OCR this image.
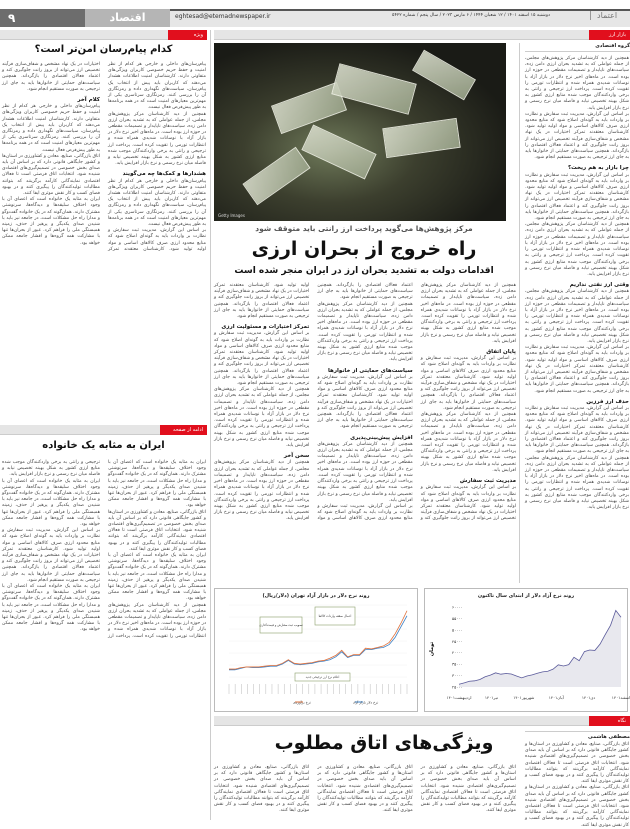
۹	اقتصاد	eghtesad@etemadnewspaper.ir	دوشنبه ۱۵ اسفند ۱۴۰۱ / ۱۲ شعبان ۱۴۴۴ / ۶ مارس ۲۰۲۳ / سال پنجم / شماره ۵۴۲۲	اعتماد
ویژه
کدام پیام‌رسان امن‌تر است؟

پیام‌رسان‌های داخلی و خارجی هر کدام از نظر امنیت و حفظ حریم خصوصی کاربران ویژگی‌های متفاوتی دارند. کارشناسان امنیت اطلاعات هشدار می‌دهند که کاربران باید پیش از انتخاب یک پیام‌رسان، سیاست‌های نگهداری داده و رمزنگاری آن را بررسی کنند. رمزنگاری سرتاسری یکی از مهم‌ترین معیارهای امنیت است که در همه برنامه‌ها به طور پیش‌فرض فعال نیست.

همچنین از دید کارشناسان مرکز پژوهش‌های مجلس، از جمله عواملی که به تشدید بحران ارزی دامن زده، سیاست‌های ناپایدار و تصمیمات مقطعی در حوزه ارز بوده است. در ماه‌های اخیر نرخ دلار در بازار آزاد با نوسانات شدیدی همراه شده و انتظارات تورمی را تقویت کرده است. پرداخت ارز ترجیحی و رانتی به برخی واردکنندگان موجب شده منابع ارزی کشور به شکل بهینه تخصیص نیابد و فاصله میان نرخ رسمی و نرخ بازار افزایش یابد.

هشدارها و کمک‌ها چه می‌گویند

پیام‌رسان‌های داخلی و خارجی هر کدام از نظر امنیت و حفظ حریم خصوصی کاربران ویژگی‌های متفاوتی دارند. کارشناسان امنیت اطلاعات هشدار می‌دهند که کاربران باید پیش از انتخاب یک پیام‌رسان، سیاست‌های نگهداری داده و رمزنگاری آن را بررسی کنند. رمزنگاری سرتاسری یکی از مهم‌ترین معیارهای امنیت است که در همه برنامه‌ها به طور پیش‌فرض فعال نیست.

بر اساس این گزارش، مدیریت ثبت سفارش و نظارت بر واردات باید به گونه‌ای اصلاح شود که منابع محدود ارزی صرف کالاهای اساسی و مواد اولیه تولید شود. کارشناسان معتقدند تمرکز اختیارات در یک نهاد مشخص و شفاف‌سازی فرآیند تخصیص ارز می‌تواند از بروز رانت جلوگیری کند و اعتماد فعالان اقتصادی را بازگرداند. همچنین سیاست‌های حمایتی از خانوارها باید به جای ارز ترجیحی به صورت مستقیم انجام شود.

کلام آخر

پیام‌رسان‌های داخلی و خارجی هر کدام از نظر امنیت و حفظ حریم خصوصی کاربران ویژگی‌های متفاوتی دارند. کارشناسان امنیت اطلاعات هشدار می‌دهند که کاربران باید پیش از انتخاب یک پیام‌رسان، سیاست‌های نگهداری داده و رمزنگاری آن را بررسی کنند. رمزنگاری سرتاسری یکی از مهم‌ترین معیارهای امنیت است که در همه برنامه‌ها به طور پیش‌فرض فعال نیست.

اتاق بازرگانی، صنایع، معادن و کشاورزی در استان‌ها و کشور جایگاهی قانونی دارد که بر اساس آن باید صدای بخش خصوصی در تصمیم‌گیری‌های اقتصادی شنیده شود. انتخابات اتاق فرصتی است تا فعالان اقتصادی نمایندگانی کارآمد برگزینند که بتوانند مطالبات تولیدکنندگان را پیگیری کنند و در بهبود فضای کسب و کار نقش موثری ایفا کنند.

ایران به مثابه یک خانواده است که اعضای آن با وجود اختلاف سلیقه‌ها و دیدگاه‌ها، سرنوشتی مشترک دارند. همان‌گونه که در یک خانواده گفت‌وگو و مدارا راه حل مشکلات است، در جامعه نیز باید با شنیدن صدای یکدیگر و پرهیز از حذف، زمینه همبستگی ملی را فراهم کرد. عبور از بحران‌ها تنها با مشارکت همه گروه‌ها و اقشار جامعه ممکن خواهد بود.

ادامه از صفحه اول
ایران به مثابه یک خانواده

ایران به مثابه یک خانواده است که اعضای آن با وجود اختلاف سلیقه‌ها و دیدگاه‌ها، سرنوشتی مشترک دارند. همان‌گونه که در یک خانواده گفت‌وگو و مدارا راه حل مشکلات است، در جامعه نیز باید با شنیدن صدای یکدیگر و پرهیز از حذف، زمینه همبستگی ملی را فراهم کرد. عبور از بحران‌ها تنها با مشارکت همه گروه‌ها و اقشار جامعه ممکن خواهد بود.

اتاق بازرگانی، صنایع، معادن و کشاورزی در استان‌ها و کشور جایگاهی قانونی دارد که بر اساس آن باید صدای بخش خصوصی در تصمیم‌گیری‌های اقتصادی شنیده شود. انتخابات اتاق فرصتی است تا فعالان اقتصادی نمایندگانی کارآمد برگزینند که بتوانند مطالبات تولیدکنندگان را پیگیری کنند و در بهبود فضای کسب و کار نقش موثری ایفا کنند.

ایران به مثابه یک خانواده است که اعضای آن با وجود اختلاف سلیقه‌ها و دیدگاه‌ها، سرنوشتی مشترک دارند. همان‌گونه که در یک خانواده گفت‌وگو و مدارا راه حل مشکلات است، در جامعه نیز باید با شنیدن صدای یکدیگر و پرهیز از حذف، زمینه همبستگی ملی را فراهم کرد. عبور از بحران‌ها تنها با مشارکت همه گروه‌ها و اقشار جامعه ممکن خواهد بود.

همچنین از دید کارشناسان مرکز پژوهش‌های مجلس، از جمله عواملی که به تشدید بحران ارزی دامن زده، سیاست‌های ناپایدار و تصمیمات مقطعی در حوزه ارز بوده است. در ماه‌های اخیر نرخ دلار در بازار آزاد با نوسانات شدیدی همراه شده و انتظارات تورمی را تقویت کرده است. پرداخت ارز ترجیحی و رانتی به برخی واردکنندگان موجب شده منابع ارزی کشور به شکل بهینه تخصیص نیابد و فاصله میان نرخ رسمی و نرخ بازار افزایش یابد.

ایران به مثابه یک خانواده است که اعضای آن با وجود اختلاف سلیقه‌ها و دیدگاه‌ها، سرنوشتی مشترک دارند. همان‌گونه که در یک خانواده گفت‌وگو و مدارا راه حل مشکلات است، در جامعه نیز باید با شنیدن صدای یکدیگر و پرهیز از حذف، زمینه همبستگی ملی را فراهم کرد. عبور از بحران‌ها تنها با مشارکت همه گروه‌ها و اقشار جامعه ممکن خواهد بود.

بر اساس این گزارش، مدیریت ثبت سفارش و نظارت بر واردات باید به گونه‌ای اصلاح شود که منابع محدود ارزی صرف کالاهای اساسی و مواد اولیه تولید شود. کارشناسان معتقدند تمرکز اختیارات در یک نهاد مشخص و شفاف‌سازی فرآیند تخصیص ارز می‌تواند از بروز رانت جلوگیری کند و اعتماد فعالان اقتصادی را بازگرداند. همچنین سیاست‌های حمایتی از خانوارها باید به جای ارز ترجیحی به صورت مستقیم انجام شود.

ایران به مثابه یک خانواده است که اعضای آن با وجود اختلاف سلیقه‌ها و دیدگاه‌ها، سرنوشتی مشترک دارند. همان‌گونه که در یک خانواده گفت‌وگو و مدارا راه حل مشکلات است، در جامعه نیز باید با شنیدن صدای یکدیگر و پرهیز از حذف، زمینه همبستگی ملی را فراهم کرد. عبور از بحران‌ها تنها با مشارکت همه گروه‌ها و اقشار جامعه ممکن خواهد بود.

بازار ارز
Getty Images
گروه اقتصادی

همچنین از دید کارشناسان مرکز پژوهش‌های مجلس، از جمله عواملی که به تشدید بحران ارزی دامن زده، سیاست‌های ناپایدار و تصمیمات مقطعی در حوزه ارز بوده است. در ماه‌های اخیر نرخ دلار در بازار آزاد با نوسانات شدیدی همراه شده و انتظارات تورمی را تقویت کرده است. پرداخت ارز ترجیحی و رانتی به برخی واردکنندگان موجب شده منابع ارزی کشور به شکل بهینه تخصیص نیابد و فاصله میان نرخ رسمی و نرخ بازار افزایش یابد.

بر اساس این گزارش، مدیریت ثبت سفارش و نظارت بر واردات باید به گونه‌ای اصلاح شود که منابع محدود ارزی صرف کالاهای اساسی و مواد اولیه تولید شود. کارشناسان معتقدند تمرکز اختیارات در یک نهاد مشخص و شفاف‌سازی فرآیند تخصیص ارز می‌تواند از بروز رانت جلوگیری کند و اعتماد فعالان اقتصادی را بازگرداند. همچنین سیاست‌های حمایتی از خانوارها باید به جای ارز ترجیحی به صورت مستقیم انجام شود.

چرا بازار به هم ریخت؟

بر اساس این گزارش، مدیریت ثبت سفارش و نظارت بر واردات باید به گونه‌ای اصلاح شود که منابع محدود ارزی صرف کالاهای اساسی و مواد اولیه تولید شود. کارشناسان معتقدند تمرکز اختیارات در یک نهاد مشخص و شفاف‌سازی فرآیند تخصیص ارز می‌تواند از بروز رانت جلوگیری کند و اعتماد فعالان اقتصادی را بازگرداند. همچنین سیاست‌های حمایتی از خانوارها باید به جای ارز ترجیحی به صورت مستقیم انجام شود.

همچنین از دید کارشناسان مرکز پژوهش‌های مجلس، از جمله عواملی که به تشدید بحران ارزی دامن زده، سیاست‌های ناپایدار و تصمیمات مقطعی در حوزه ارز بوده است. در ماه‌های اخیر نرخ دلار در بازار آزاد با نوسانات شدیدی همراه شده و انتظارات تورمی را تقویت کرده است. پرداخت ارز ترجیحی و رانتی به برخی واردکنندگان موجب شده منابع ارزی کشور به شکل بهینه تخصیص نیابد و فاصله میان نرخ رسمی و نرخ بازار افزایش یابد.

وقتی ارز نفتی نداریم

همچنین از دید کارشناسان مرکز پژوهش‌های مجلس، از جمله عواملی که به تشدید بحران ارزی دامن زده، سیاست‌های ناپایدار و تصمیمات مقطعی در حوزه ارز بوده است. در ماه‌های اخیر نرخ دلار در بازار آزاد با نوسانات شدیدی همراه شده و انتظارات تورمی را تقویت کرده است. پرداخت ارز ترجیحی و رانتی به برخی واردکنندگان موجب شده منابع ارزی کشور به شکل بهینه تخصیص نیابد و فاصله میان نرخ رسمی و نرخ بازار افزایش یابد.

بر اساس این گزارش، مدیریت ثبت سفارش و نظارت بر واردات باید به گونه‌ای اصلاح شود که منابع محدود ارزی صرف کالاهای اساسی و مواد اولیه تولید شود. کارشناسان معتقدند تمرکز اختیارات در یک نهاد مشخص و شفاف‌سازی فرآیند تخصیص ارز می‌تواند از بروز رانت جلوگیری کند و اعتماد فعالان اقتصادی را بازگرداند. همچنین سیاست‌های حمایتی از خانوارها باید به جای ارز ترجیحی به صورت مستقیم انجام شود.

حذف ارز فرزین

بر اساس این گزارش، مدیریت ثبت سفارش و نظارت بر واردات باید به گونه‌ای اصلاح شود که منابع محدود ارزی صرف کالاهای اساسی و مواد اولیه تولید شود. کارشناسان معتقدند تمرکز اختیارات در یک نهاد مشخص و شفاف‌سازی فرآیند تخصیص ارز می‌تواند از بروز رانت جلوگیری کند و اعتماد فعالان اقتصادی را بازگرداند. همچنین سیاست‌های حمایتی از خانوارها باید به جای ارز ترجیحی به صورت مستقیم انجام شود.

همچنین از دید کارشناسان مرکز پژوهش‌های مجلس، از جمله عواملی که به تشدید بحران ارزی دامن زده، سیاست‌های ناپایدار و تصمیمات مقطعی در حوزه ارز بوده است. در ماه‌های اخیر نرخ دلار در بازار آزاد با نوسانات شدیدی همراه شده و انتظارات تورمی را تقویت کرده است. پرداخت ارز ترجیحی و رانتی به برخی واردکنندگان موجب شده منابع ارزی کشور به شکل بهینه تخصیص نیابد و فاصله میان نرخ رسمی و نرخ بازار افزایش یابد.

مرکز پژوهش‌ها می‌گوید پرداخت ارز رانتی باید متوقف شود
راه خروج از بحران ارزی
اقدامات دولت به تشدید بحران ارز در ایران منجر شده است

همچنین از دید کارشناسان مرکز پژوهش‌های مجلس، از جمله عواملی که به تشدید بحران ارزی دامن زده، سیاست‌های ناپایدار و تصمیمات مقطعی در حوزه ارز بوده است. در ماه‌های اخیر نرخ دلار در بازار آزاد با نوسانات شدیدی همراه شده و انتظارات تورمی را تقویت کرده است. پرداخت ارز ترجیحی و رانتی به برخی واردکنندگان موجب شده منابع ارزی کشور به شکل بهینه تخصیص نیابد و فاصله میان نرخ رسمی و نرخ بازار افزایش یابد.

پایان اتفاق

بر اساس این گزارش، مدیریت ثبت سفارش و نظارت بر واردات باید به گونه‌ای اصلاح شود که منابع محدود ارزی صرف کالاهای اساسی و مواد اولیه تولید شود. کارشناسان معتقدند تمرکز اختیارات در یک نهاد مشخص و شفاف‌سازی فرآیند تخصیص ارز می‌تواند از بروز رانت جلوگیری کند و اعتماد فعالان اقتصادی را بازگرداند. همچنین سیاست‌های حمایتی از خانوارها باید به جای ارز ترجیحی به صورت مستقیم انجام شود.

همچنین از دید کارشناسان مرکز پژوهش‌های مجلس، از جمله عواملی که به تشدید بحران ارزی دامن زده، سیاست‌های ناپایدار و تصمیمات مقطعی در حوزه ارز بوده است. در ماه‌های اخیر نرخ دلار در بازار آزاد با نوسانات شدیدی همراه شده و انتظارات تورمی را تقویت کرده است. پرداخت ارز ترجیحی و رانتی به برخی واردکنندگان موجب شده منابع ارزی کشور به شکل بهینه تخصیص نیابد و فاصله میان نرخ رسمی و نرخ بازار افزایش یابد.

مدیریت ثبت سفارش

بر اساس این گزارش، مدیریت ثبت سفارش و نظارت بر واردات باید به گونه‌ای اصلاح شود که منابع محدود ارزی صرف کالاهای اساسی و مواد اولیه تولید شود. کارشناسان معتقدند تمرکز اختیارات در یک نهاد مشخص و شفاف‌سازی فرآیند تخصیص ارز می‌تواند از بروز رانت جلوگیری کند و اعتماد فعالان اقتصادی را بازگرداند. همچنین سیاست‌های حمایتی از خانوارها باید به جای ارز ترجیحی به صورت مستقیم انجام شود.

همچنین از دید کارشناسان مرکز پژوهش‌های مجلس، از جمله عواملی که به تشدید بحران ارزی دامن زده، سیاست‌های ناپایدار و تصمیمات مقطعی در حوزه ارز بوده است. در ماه‌های اخیر نرخ دلار در بازار آزاد با نوسانات شدیدی همراه شده و انتظارات تورمی را تقویت کرده است. پرداخت ارز ترجیحی و رانتی به برخی واردکنندگان موجب شده منابع ارزی کشور به شکل بهینه تخصیص نیابد و فاصله میان نرخ رسمی و نرخ بازار افزایش یابد.

سیاست‌های حمایتی از خانوارها

بر اساس این گزارش، مدیریت ثبت سفارش و نظارت بر واردات باید به گونه‌ای اصلاح شود که منابع محدود ارزی صرف کالاهای اساسی و مواد اولیه تولید شود. کارشناسان معتقدند تمرکز اختیارات در یک نهاد مشخص و شفاف‌سازی فرآیند تخصیص ارز می‌تواند از بروز رانت جلوگیری کند و اعتماد فعالان اقتصادی را بازگرداند. همچنین سیاست‌های حمایتی از خانوارها باید به جای ارز ترجیحی به صورت مستقیم انجام شود.

افزایش پیش‌بینی‌پذیری

همچنین از دید کارشناسان مرکز پژوهش‌های مجلس، از جمله عواملی که به تشدید بحران ارزی دامن زده، سیاست‌های ناپایدار و تصمیمات مقطعی در حوزه ارز بوده است. در ماه‌های اخیر نرخ دلار در بازار آزاد با نوسانات شدیدی همراه شده و انتظارات تورمی را تقویت کرده است. پرداخت ارز ترجیحی و رانتی به برخی واردکنندگان موجب شده منابع ارزی کشور به شکل بهینه تخصیص نیابد و فاصله میان نرخ رسمی و نرخ بازار افزایش یابد.

بر اساس این گزارش، مدیریت ثبت سفارش و نظارت بر واردات باید به گونه‌ای اصلاح شود که منابع محدود ارزی صرف کالاهای اساسی و مواد اولیه تولید شود. کارشناسان معتقدند تمرکز اختیارات در یک نهاد مشخص و شفاف‌سازی فرآیند تخصیص ارز می‌تواند از بروز رانت جلوگیری کند و اعتماد فعالان اقتصادی را بازگرداند. همچنین سیاست‌های حمایتی از خانوارها باید به جای ارز ترجیحی به صورت مستقیم انجام شود.

تمرکز اختیارات و مسئولیت ارزی

بر اساس این گزارش، مدیریت ثبت سفارش و نظارت بر واردات باید به گونه‌ای اصلاح شود که منابع محدود ارزی صرف کالاهای اساسی و مواد اولیه تولید شود. کارشناسان معتقدند تمرکز اختیارات در یک نهاد مشخص و شفاف‌سازی فرآیند تخصیص ارز می‌تواند از بروز رانت جلوگیری کند و اعتماد فعالان اقتصادی را بازگرداند. همچنین سیاست‌های حمایتی از خانوارها باید به جای ارز ترجیحی به صورت مستقیم انجام شود.

همچنین از دید کارشناسان مرکز پژوهش‌های مجلس، از جمله عواملی که به تشدید بحران ارزی دامن زده، سیاست‌های ناپایدار و تصمیمات مقطعی در حوزه ارز بوده است. در ماه‌های اخیر نرخ دلار در بازار آزاد با نوسانات شدیدی همراه شده و انتظارات تورمی را تقویت کرده است. پرداخت ارز ترجیحی و رانتی به برخی واردکنندگان موجب شده منابع ارزی کشور به شکل بهینه تخصیص نیابد و فاصله میان نرخ رسمی و نرخ بازار افزایش یابد.

سخن آخر

همچنین از دید کارشناسان مرکز پژوهش‌های مجلس، از جمله عواملی که به تشدید بحران ارزی دامن زده، سیاست‌های ناپایدار و تصمیمات مقطعی در حوزه ارز بوده است. در ماه‌های اخیر نرخ دلار در بازار آزاد با نوسانات شدیدی همراه شده و انتظارات تورمی را تقویت کرده است. پرداخت ارز ترجیحی و رانتی به برخی واردکنندگان موجب شده منابع ارزی کشور به شکل بهینه تخصیص نیابد و فاصله میان نرخ رسمی و نرخ بازار افزایش یابد.

روند نرخ آزاد دلار از ابتدای سال تاکنون
۶۰۰۰۰
۵۵۰۰۰
۵۰۰۰۰
۴۵۰۰۰
۴۰۰۰۰
۳۵۰۰۰
۳۰۰۰۰
۲۵۰۰۰
تومان
اسفند۱۴۰۱
دی۱۴۰۱
آبان۱۴۰۱
شهریور۱۴۰۱
تیر۱۴۰۱
اردیبهشت۱۴۰۱
روند نرخ دلار در بازار آزاد تهران (دلار/ریال)
تصویب ثبت سفارش و قیمت‌گذاری
اعمال سقف واردات کالاها
اعلام نرخ ارز ترجیحی جدید
نرخ دلار بازار آزاد
نرخ برآوردی
نگاه
ویژگی‌های اتاق مطلوب	مصطفی هاشمی

اتاق بازرگانی، صنایع، معادن و کشاورزی در استان‌ها و کشور جایگاهی قانونی دارد که بر اساس آن باید صدای بخش خصوصی در تصمیم‌گیری‌های اقتصادی شنیده شود. انتخابات اتاق فرصتی است تا فعالان اقتصادی نمایندگانی کارآمد برگزینند که بتوانند مطالبات تولیدکنندگان را پیگیری کنند و در بهبود فضای کسب و کار نقش موثری ایفا کنند.

اتاق بازرگانی، صنایع، معادن و کشاورزی در استان‌ها و کشور جایگاهی قانونی دارد که بر اساس آن باید صدای بخش خصوصی در تصمیم‌گیری‌های اقتصادی شنیده شود. انتخابات اتاق فرصتی است تا فعالان اقتصادی نمایندگانی کارآمد برگزینند که بتوانند مطالبات تولیدکنندگان را پیگیری کنند و در بهبود فضای کسب و کار نقش موثری ایفا کنند.

اتاق بازرگانی، صنایع، معادن و کشاورزی در استان‌ها و کشور جایگاهی قانونی دارد که بر اساس آن باید صدای بخش خصوصی در تصمیم‌گیری‌های اقتصادی شنیده شود. انتخابات اتاق فرصتی است تا فعالان اقتصادی نمایندگانی کارآمد برگزینند که بتوانند مطالبات تولیدکنندگان را پیگیری کنند و در بهبود فضای کسب و کار نقش موثری ایفا کنند.

اتاق بازرگانی، صنایع، معادن و کشاورزی در استان‌ها و کشور جایگاهی قانونی دارد که بر اساس آن باید صدای بخش خصوصی در تصمیم‌گیری‌های اقتصادی شنیده شود. انتخابات اتاق فرصتی است تا فعالان اقتصادی نمایندگانی کارآمد برگزینند که بتوانند مطالبات تولیدکنندگان را پیگیری کنند و در بهبود فضای کسب و کار نقش موثری ایفا کنند.

اتاق بازرگانی، صنایع، معادن و کشاورزی در استان‌ها و کشور جایگاهی قانونی دارد که بر اساس آن باید صدای بخش خصوصی در تصمیم‌گیری‌های اقتصادی شنیده شود. انتخابات اتاق فرصتی است تا فعالان اقتصادی نمایندگانی کارآمد برگزینند که بتوانند مطالبات تولیدکنندگان را پیگیری کنند و در بهبود فضای کسب و کار نقش موثری ایفا کنند.
